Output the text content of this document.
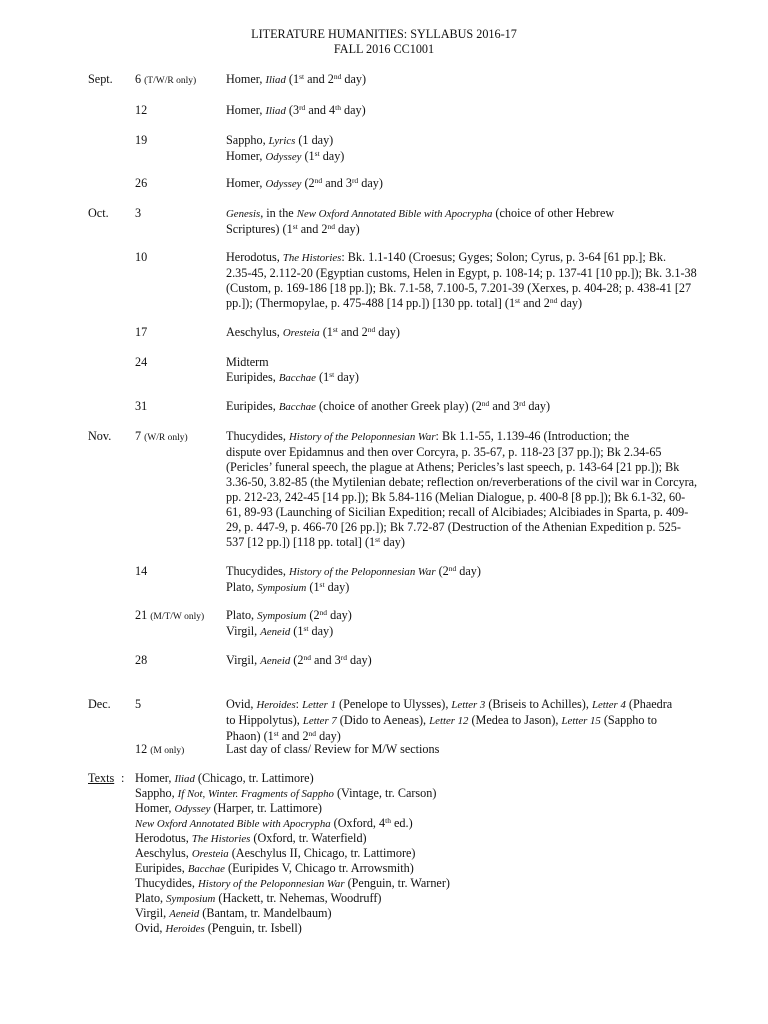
LITERATURE HUMANITIES: SYLLABUS 2016-17
FALL 2016 CC1001
Sept. 6 (T/W/R only) Homer, Iliad (1st and 2nd day)
12	Homer, Iliad (3rd and 4th day)
19	Sappho, Lyrics (1 day)
Homer, Odyssey (1st day)
26	Homer, Odyssey (2nd and 3rd day)
Oct. 3	Genesis, in the New Oxford Annotated Bible with Apocrypha (choice of other Hebrew
Scriptures) (1st and 2nd day)
10	Herodotus, The Histories: Bk. 1.1-140 (Croesus; Gyges; Solon; Cyrus, p. 3-64 [61 pp.]; Bk.
2.35-45, 2.112-20 (Egyptian customs, Helen in Egypt, p. 108-14; p. 137-41 [10 pp.]); Bk. 3.1-38
(Custom, p. 169-186 [18 pp.]); Bk. 7.1-58, 7.100-5, 7.201-39 (Xerxes, p. 404-28; p. 438-41 [27
pp.]); (Thermopylae, p. 475-488 [14 pp.]) [130 pp. total] (1st and 2nd day)
17	Aeschylus, Oresteia (1st and 2nd day)
24	Midterm
Euripides, Bacchae (1st day)
31	Euripides, Bacchae (choice of another Greek play) (2nd and 3rd day)
Nov. 7 (W/R only)	Thucydides, History of the Peloponnesian War: Bk 1.1-55, 1.139-46 (Introduction; the
dispute over Epidamnus and then over Corcyra, p. 35-67, p. 118-23 [37 pp.]); Bk 2.34-65
(Pericles’ funeral speech, the plague at Athens; Pericles’s last speech, p. 143-64 [21 pp.]); Bk
3.36-50, 3.82-85 (the Mytilenian debate; reflection on/reverberations of the civil war in Corcyra,
pp. 212-23, 242-45 [14 pp.]); Bk 5.84-116 (Melian Dialogue, p. 400-8 [8 pp.]); Bk 6.1-32, 60-
61, 89-93 (Launching of Sicilian Expedition; recall of Alcibiades; Alcibiades in Sparta, p. 409-
29, p. 447-9, p. 466-70 [26 pp.]); Bk 7.72-87 (Destruction of the Athenian Expedition p. 525-
537 [12 pp.]) [118 pp. total] (1st day)
14	Thucydides, History of the Peloponnesian War (2nd day)
Plato, Symposium (1st day)
21 (M/T/W only) Plato, Symposium (2nd day)
Virgil, Aeneid (1st day)
28	Virgil, Aeneid (2nd and 3rd day)
Dec. 5	Ovid, Heroides: Letter 1 (Penelope to Ulysses), Letter 3 (Briseis to Achilles), Letter 4 (Phaedra
to Hippolytus), Letter 7 (Dido to Aeneas), Letter 12 (Medea to Jason), Letter 15 (Sappho to
Phaon) (1st and 2nd day)
12 (M only)	Last day of class/ Review for M/W sections
Texts : Homer, Iliad (Chicago, tr. Lattimore)
Sappho, If Not, Winter. Fragments of Sappho (Vintage, tr. Carson)
Homer, Odyssey (Harper, tr. Lattimore)
New Oxford Annotated Bible with Apocrypha (Oxford, 4th ed.)
Herodotus, The Histories (Oxford, tr. Waterfield)
Aeschylus, Oresteia (Aeschylus II, Chicago, tr. Lattimore)
Euripides, Bacchae (Euripides V, Chicago tr. Arrowsmith)
Thucydides, History of the Peloponnesian War (Penguin, tr. Warner)
Plato, Symposium (Hackett, tr. Nehemas, Woodruff)
Virgil, Aeneid (Bantam, tr. Mandelbaum)
Ovid, Heroides (Penguin, tr. Isbell)
